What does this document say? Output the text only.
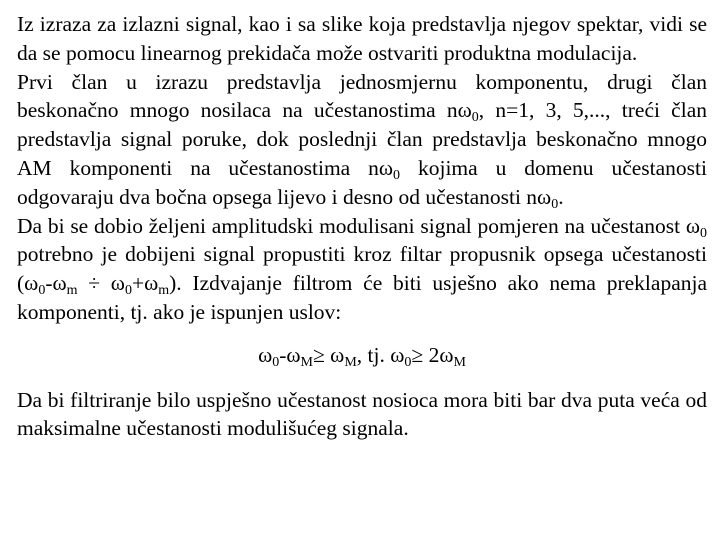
Iz izraza za izlazni signal, kao i sa slike koja predstavlja njegov spektar, vidi se da se pomocu linearnog prekidača može ostvariti produktna modulacija.

Prvi član u izrazu predstavlja jednosmjernu komponentu, drugi član beskonačno mnogo nosilaca na učestanostima $n\omega_0$, n=1, 3, 5,..., treći član predstavlja signal poruke, dok poslednji član predstavlja beskonačno mnogo AM komponenti na učestanostima $n\omega_0$ kojima u domenu učestanosti odgovaraju dva bočna opsega lijevo i desno od učestanosti $n\omega_0$.

Da bi se dobio željeni amplitudski modulisani signal pomjeren na učestanost $\omega_0$ potrebno je dobijeni signal propustiti kroz filtar propusnik opsega učestanosti $(\omega_0-\omega_m \div \omega_0+\omega_m)$. Izdvajanje filtrom će biti usješno ako nema preklapanja komponenti, tj. ako je ispunjen uslov:

$\omega_0-\omega_M\ge \omega_M$, tj. $\omega_0\ge 2\omega_M$

Da bi filtriranje bilo uspješno učestanost nosioca mora biti bar dva puta veća od maksimalne učestanosti modulišućeg signala.
